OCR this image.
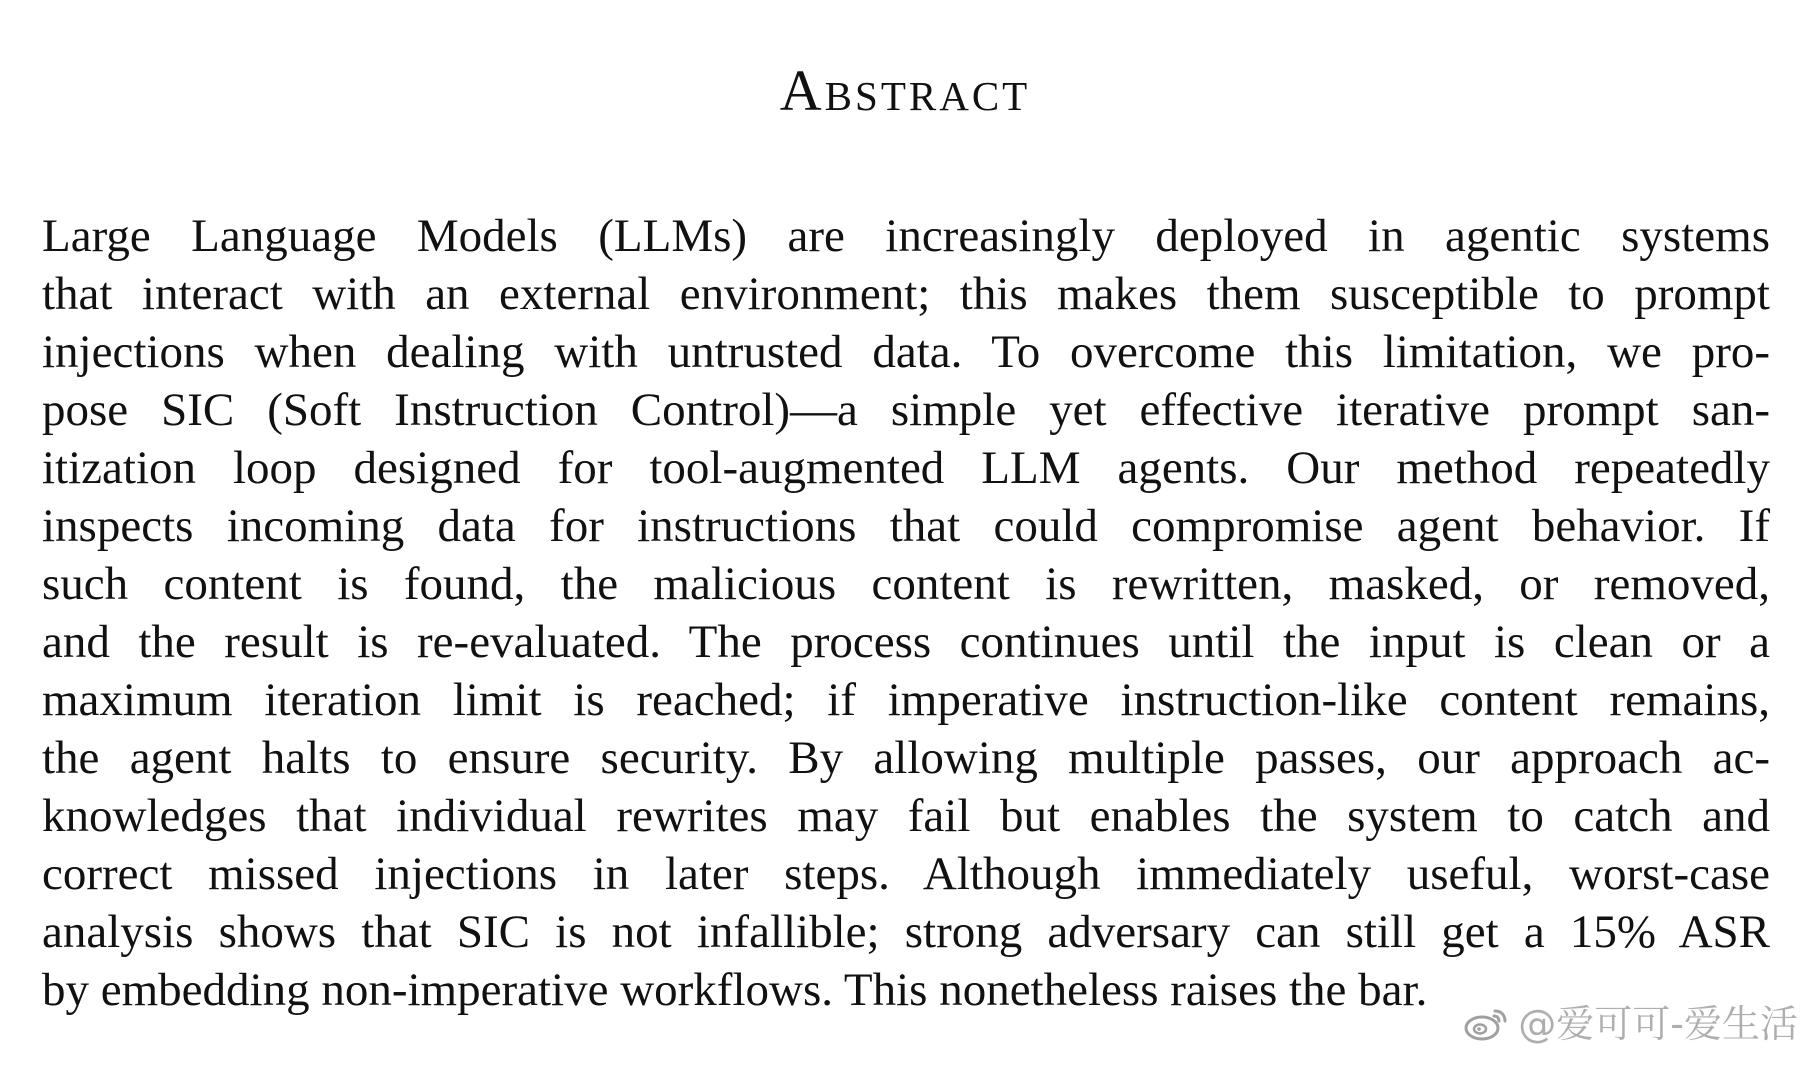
Abstract
Large Language Models (LLMs) are increasingly deployed in agentic systems
that interact with an external environment; this makes them susceptible to prompt
injections when dealing with untrusted data. To overcome this limitation, we pro-
pose SIC (Soft Instruction Control)—a simple yet effective iterative prompt san-
itization loop designed for tool-augmented LLM agents. Our method repeatedly
inspects incoming data for instructions that could compromise agent behavior. If
such content is found, the malicious content is rewritten, masked, or removed,
and the result is re-evaluated. The process continues until the input is clean or a
maximum iteration limit is reached; if imperative instruction-like content remains,
the agent halts to ensure security. By allowing multiple passes, our approach ac-
knowledges that individual rewrites may fail but enables the system to catch and
correct missed injections in later steps. Although immediately useful, worst-case
analysis shows that SIC is not infallible; strong adversary can still get a 15% ASR
by embedding non-imperative workflows. This nonetheless raises the bar.
@爱可可-爱生活
